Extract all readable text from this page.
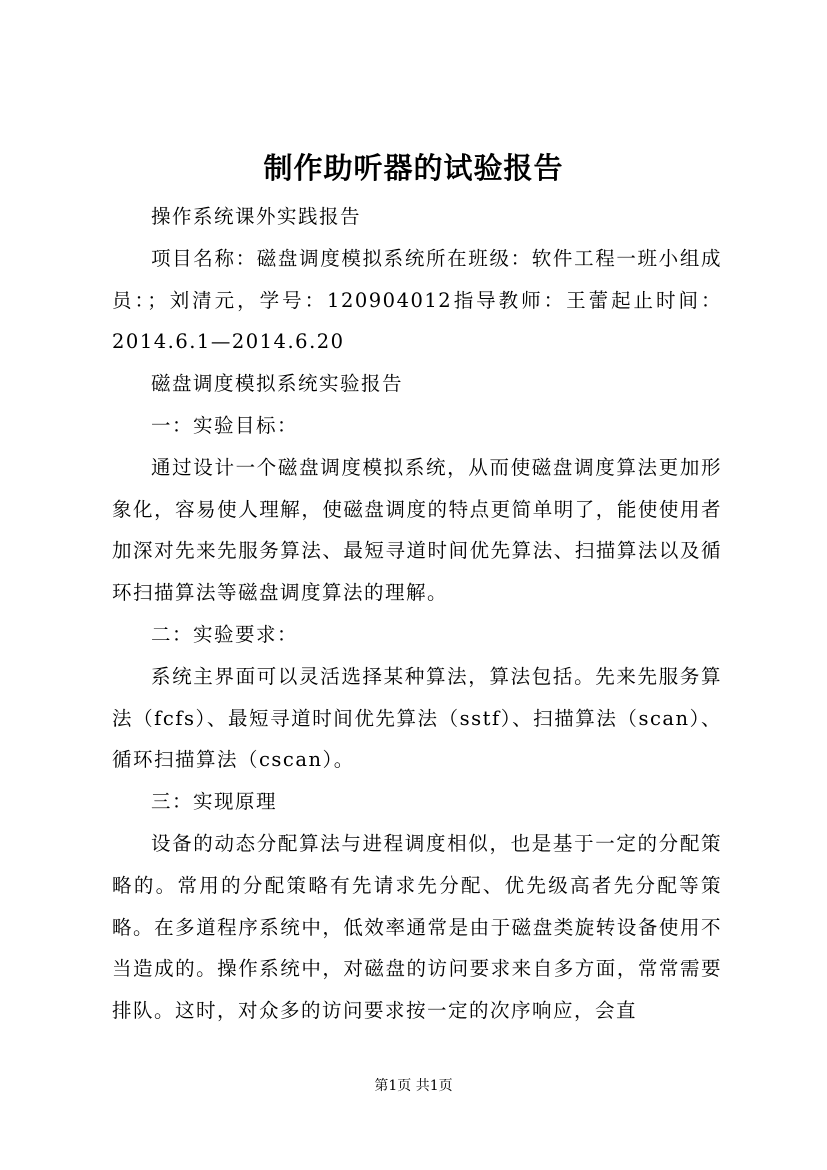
制作助听器的试验报告

操作系统课外实践报告

项目名称：磁盘调度模拟系统所在班级：软件工程一班小组成员：；刘清元，学号：120904012指导教师：王蕾起止时间：2014.6.1—2014.6.20

磁盘调度模拟系统实验报告

一：实验目标：

通过设计一个磁盘调度模拟系统，从而使磁盘调度算法更加形象化，容易使人理解，使磁盘调度的特点更简单明了，能使使用者加深对先来先服务算法、最短寻道时间优先算法、扫描算法以及循环扫描算法等磁盘调度算法的理解。

二：实验要求：

系统主界面可以灵活选择某种算法，算法包括。先来先服务算法（fcfs）、最短寻道时间优先算法（sstf）、扫描算法（scan）、循环扫描算法（cscan）。

三：实现原理

设备的动态分配算法与进程调度相似，也是基于一定的分配策略的。常用的分配策略有先请求先分配、优先级高者先分配等策略。在多道程序系统中，低效率通常是由于磁盘类旋转设备使用不当造成的。操作系统中，对磁盘的访问要求来自多方面，常常需要排队。这时，对众多的访问要求按一定的次序响应，会直

第1页 共1页
